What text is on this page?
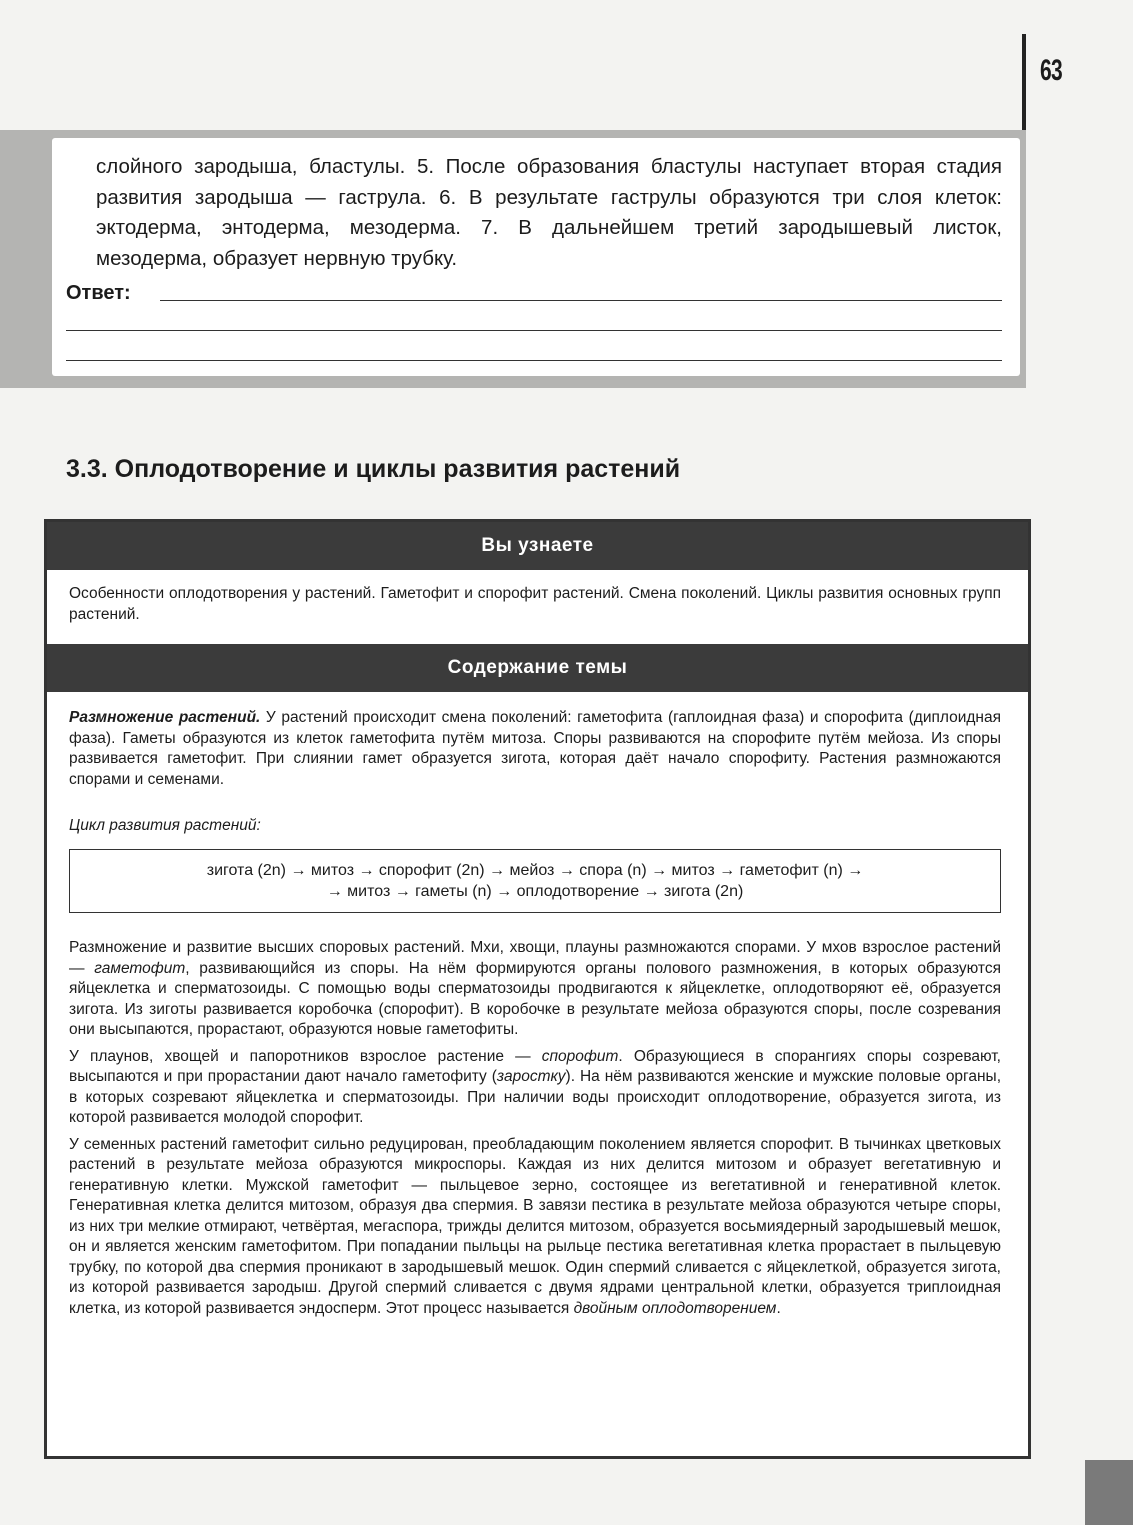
63
слойного зародыша, бластулы. 5. После образования бластулы наступает вторая стадия развития зародыша — гаструла. 6. В результате гаструлы образуются три слоя клеток: эктодерма, энтодерма, мезодерма. 7. В дальнейшем третий зародышевый листок, мезодерма, образует нервную трубку.
Ответ:
3.3. Оплодотворение и циклы развития растений
Вы узнаете
Особенности оплодотворения у растений. Гаметофит и спорофит растений. Смена поколений. Циклы развития основных групп растений.
Содержание темы

Размножение растений. У растений происходит смена поколений: гаметофита (гаплоидная фаза) и спорофита (диплоидная фаза). Гаметы образуются из клеток гаметофита путём митоза. Споры развиваются на спорофите путём мейоза. Из споры развивается гаметофит. При слиянии гамет образуется зигота, которая даёт начало спорофиту. Растения размножаются спорами и семенами.

Цикл развития растений:
зигота (2n) → митоз → спорофит (2n) → мейоз → спора (n) → митоз → гаметофит (n) →
→ митоз → гаметы (n) → оплодотворение → зигота (2n)

Размножение и развитие высших споровых растений. Мхи, хвощи, плауны размножаются спорами. У мхов взрослое растений — гаметофит, развивающийся из споры. На нём формируются органы полового размножения, в которых образуются яйцеклетка и сперматозоиды. С помощью воды сперматозоиды продвигаются к яйцеклетке, оплодотворяют её, образуется зигота. Из зиготы развивается коробочка (спорофит). В коробочке в результате мейоза образуются споры, после созревания они высыпаются, прорастают, образуются новые гаметофиты.

У плаунов, хвощей и папоротников взрослое растение — спорофит. Образующиеся в спорангиях споры созревают, высыпаются и при прорастании дают начало гаметофиту (заростку). На нём развиваются женские и мужские половые органы, в которых созревают яйцеклетка и сперматозоиды. При наличии воды происходит оплодотворение, образуется зигота, из которой развивается молодой спорофит.

У семенных растений гаметофит сильно редуцирован, преобладающим поколением является спорофит. В тычинках цветковых растений в результате мейоза образуются микроспоры. Каждая из них делится митозом и образует вегетативную и генеративную клетки. Мужской гаметофит — пыльцевое зерно, состоящее из вегетативной и генеративной клеток. Генеративная клетка делится митозом, образуя два спермия. В завязи пестика в результате мейоза образуются четыре споры, из них три мелкие отмирают, четвёртая, мегаспора, трижды делится митозом, образуется восьмиядерный зародышевый мешок, он и является женским гаметофитом. При попадании пыльцы на рыльце пестика вегетативная клетка прорастает в пыльцевую трубку, по которой два спермия проникают в зародышевый мешок. Один спермий сливается с яйцеклеткой, образуется зигота, из которой развивается зародыш. Другой спермий сливается с двумя ядрами центральной клетки, образуется триплоидная клетка, из которой развивается эндосперм. Этот процесс называется двойным оплодотворением.
